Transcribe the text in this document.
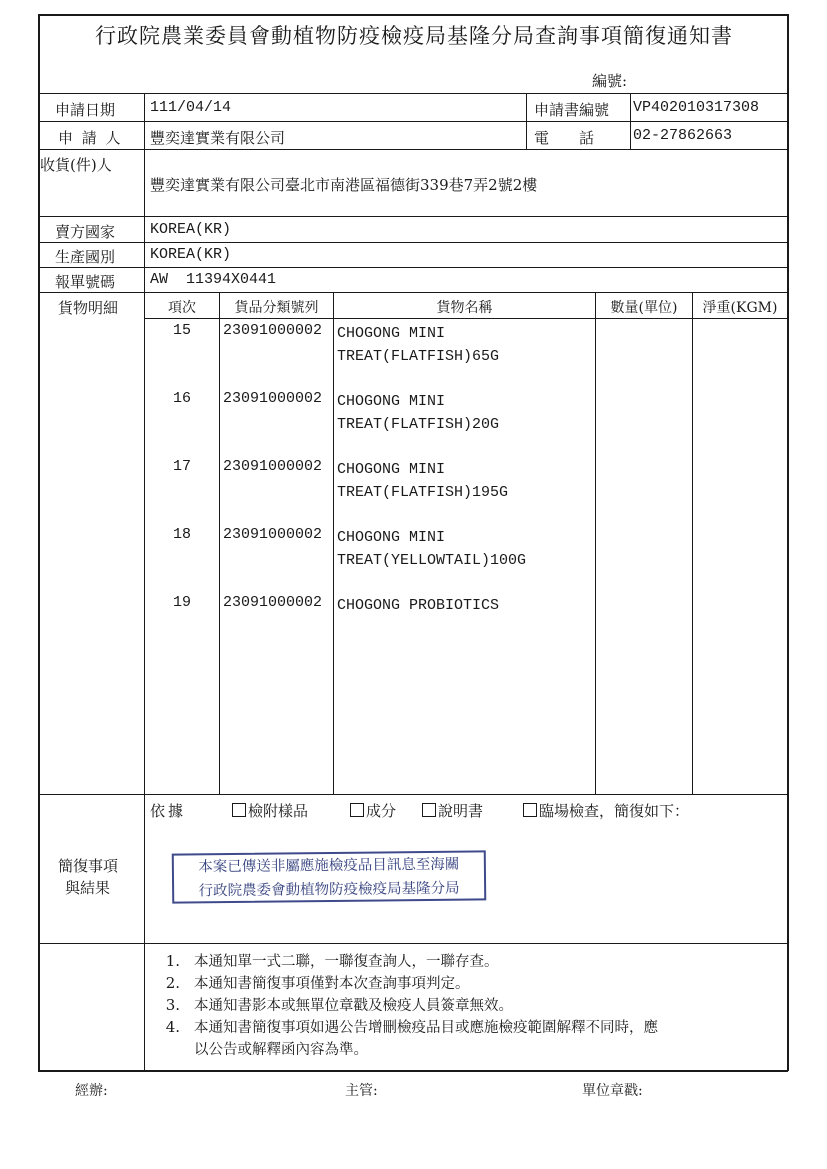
行政院農業委員會動植物防疫檢疫局基隆分局查詢事項簡復通知書
編號:
申請日期 111/04/14	申請書編號 VP402010317308
申 請 人 豐奕達實業有限公司	電　　話	02-27862663
收貨(件)人
豐奕達實業有限公司臺北市南港區福德街339巷7弄2號2樓
賣方國家 KOREA(KR)
生產國別 KOREA(KR)
報單號碼 AW  11394X0441
貨物明細	項次	貨品分類號列	貨物名稱	數量(單位)	淨重(KGM)
15	23091000002 CHOGONG MINI
TREAT(FLATFISH)65G
16	23091000002 CHOGONG MINI
TREAT(FLATFISH)20G
17	23091000002 CHOGONG MINI
TREAT(FLATFISH)195G
18	23091000002 CHOGONG MINI
TREAT(YELLOWTAIL)100G
19	23091000002 CHOGONG PROBIOTICS
簡復事項
與結果
依據	檢附樣品	成分	說明書	臨場檢查，簡復如下：
本案已傳送非屬應施檢疫品目訊息至海關
行政院農委會動植物防疫檢疫局基隆分局
1. 本通知單一式二聯，一聯復查詢人，一聯存查。
2. 本通知書簡復事項僅對本次查詢事項判定。
3. 本通知書影本或無單位章戳及檢疫人員簽章無效。
4. 本通知書簡復事項如遇公告增刪檢疫品目或應施檢疫範圍解釋不同時，應
以公告或解釋函內容為準。
經辦:	主管:	單位章戳:
